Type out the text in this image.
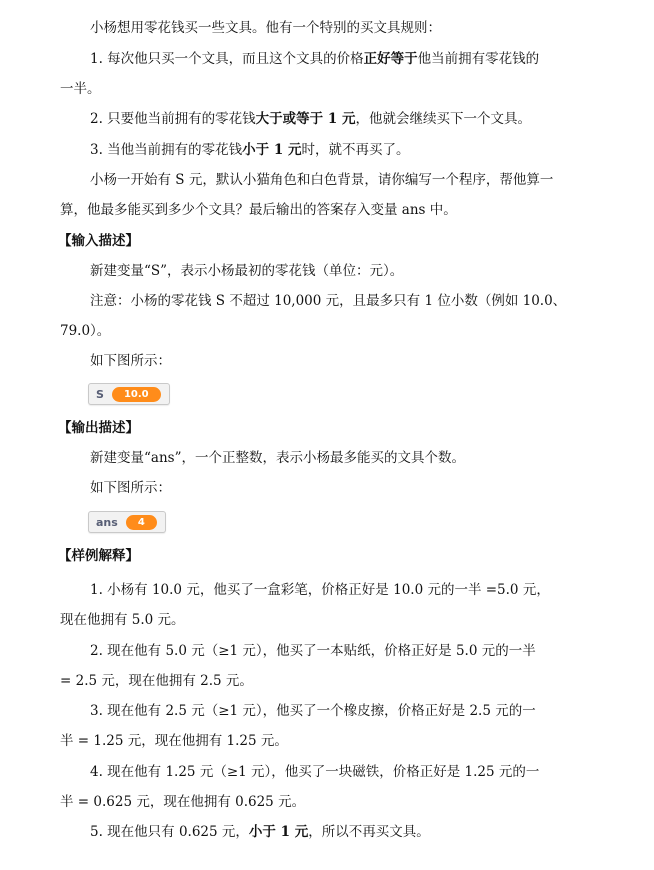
小杨想用零花钱买一些文具。他有一个特别的买文具规则：
1. 每次他只买一个文具，而且这个文具的价格正好等于他当前拥有零花钱的
一半。
2. 只要他当前拥有的零花钱大于或等于 1 元，他就会继续买下一个文具。
3. 当他当前拥有的零花钱小于 1 元时，就不再买了。
小杨一开始有 S 元，默认小猫角色和白色背景，请你编写一个程序，帮他算一
算，他最多能买到多少个文具？最后输出的答案存入变量 ans 中。
【输入描述】
新建变量“S”，表示小杨最初的零花钱（单位：元）。
注意：小杨的零花钱 S 不超过 10,000 元，且最多只有 1 位小数（例如 10.0、
79.0）。
如下图所示：
S	10.0
【输出描述】
新建变量“ans”，一个正整数，表示小杨最多能买的文具个数。
如下图所示：
ans	4
【样例解释】
1. 小杨有 10.0 元，他买了一盒彩笔，价格正好是 10.0 元的一半 =5.0 元，
现在他拥有 5.0 元。
2. 现在他有 5.0 元（≥1 元），他买了一本贴纸，价格正好是 5.0 元的一半
= 2.5 元，现在他拥有 2.5 元。
3. 现在他有 2.5 元（≥1 元），他买了一个橡皮擦，价格正好是 2.5 元的一
半 = 1.25 元，现在他拥有 1.25 元。
4. 现在他有 1.25 元（≥1 元），他买了一块磁铁，价格正好是 1.25 元的一
半 = 0.625 元，现在他拥有 0.625 元。
5. 现在他只有 0.625 元，小于 1 元，所以不再买文具。
